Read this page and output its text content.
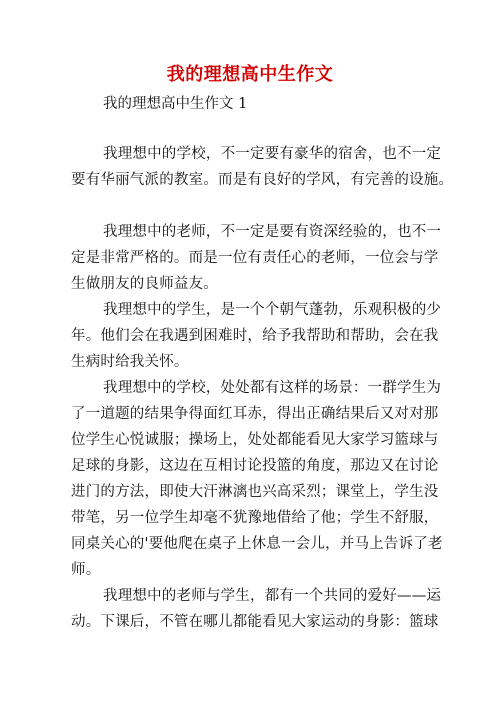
我的理想高中生作文
我的理想高中生作文 1
我理想中的学校，不一定要有豪华的宿舍，也不一定
要有华丽气派的教室。而是有良好的学风，有完善的设施。
我理想中的老师，不一定是要有资深经验的，也不一
定是非常严格的。而是一位有责任心的老师，一位会与学
生做朋友的良师益友。
我理想中的学生，是一个个朝气蓬勃，乐观积极的少
年。他们会在我遇到困难时，给予我帮助和帮助，会在我
生病时给我关怀。
我理想中的学校，处处都有这样的场景：一群学生为
了一道题的结果争得面红耳赤，得出正确结果后又对对那
位学生心悦诚服；操场上，处处都能看见大家学习篮球与
足球的身影，这边在互相讨论投篮的角度，那边又在讨论
进门的方法，即使大汗淋漓也兴高采烈；课堂上，学生没
带笔，另一位学生却毫不犹豫地借给了他；学生不舒服，
同桌关心的'要他爬在桌子上休息一会儿，并马上告诉了老
师。
我理想中的老师与学生，都有一个共同的爱好——运
动。下课后，不管在哪儿都能看见大家运动的身影：篮球
